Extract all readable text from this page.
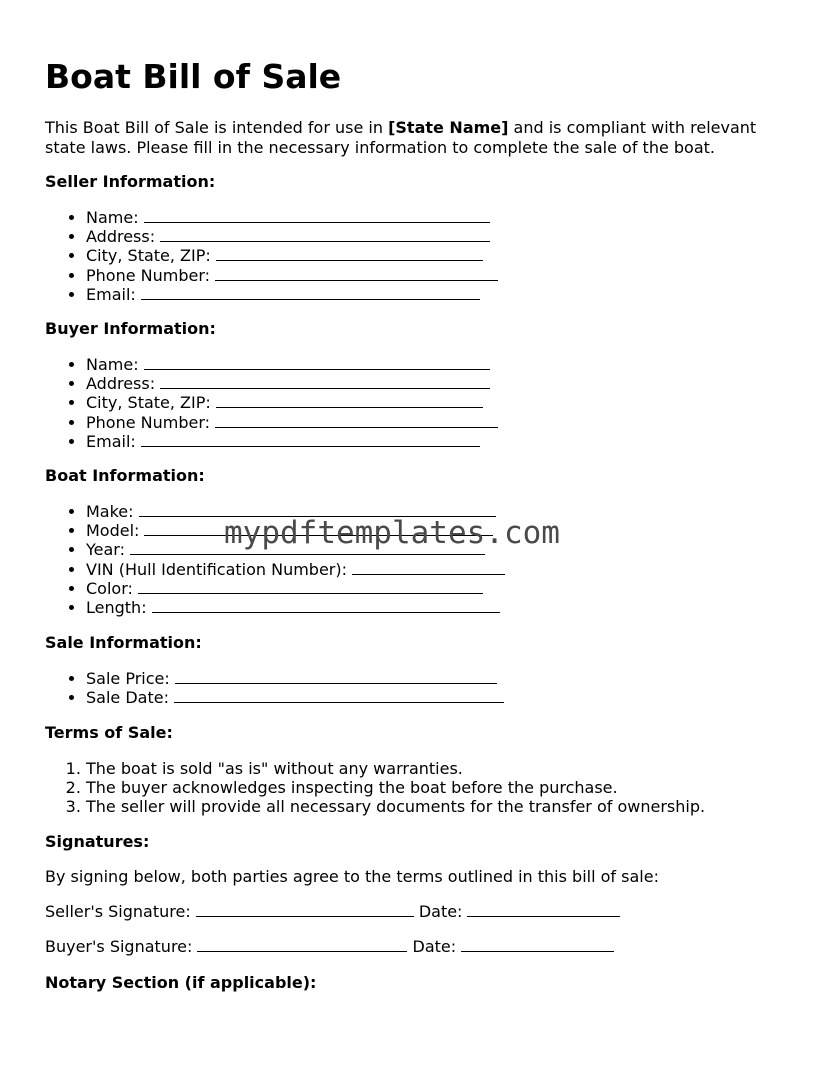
Boat Bill of Sale

This Boat Bill of Sale is intended for use in [State Name] and is compliant with relevant state laws. Please fill in the necessary information to complete the sale of the boat.

Seller Information:
• Name:
• Address:
• City, State, ZIP:
• Phone Number:
• Email:
Buyer Information:
• Name:
• Address:
• City, State, ZIP:
• Phone Number:
• Email:
Boat Information:
• Make:
• Model:
• Year:
• VIN (Hull Identification Number):
• Color:
• Length:
Sale Information:
• Sale Price:
• Sale Date:
Terms of Sale:
1. The boat is sold "as is" without any warranties.
2. The buyer acknowledges inspecting the boat before the purchase.
3. The seller will provide all necessary documents for the transfer of ownership.
Signatures:

By signing below, both parties agree to the terms outlined in this bill of sale:

Seller's Signature:	Date:

Buyer's Signature:	Date:

Notary Section (if applicable):
mypdftemplates.com
